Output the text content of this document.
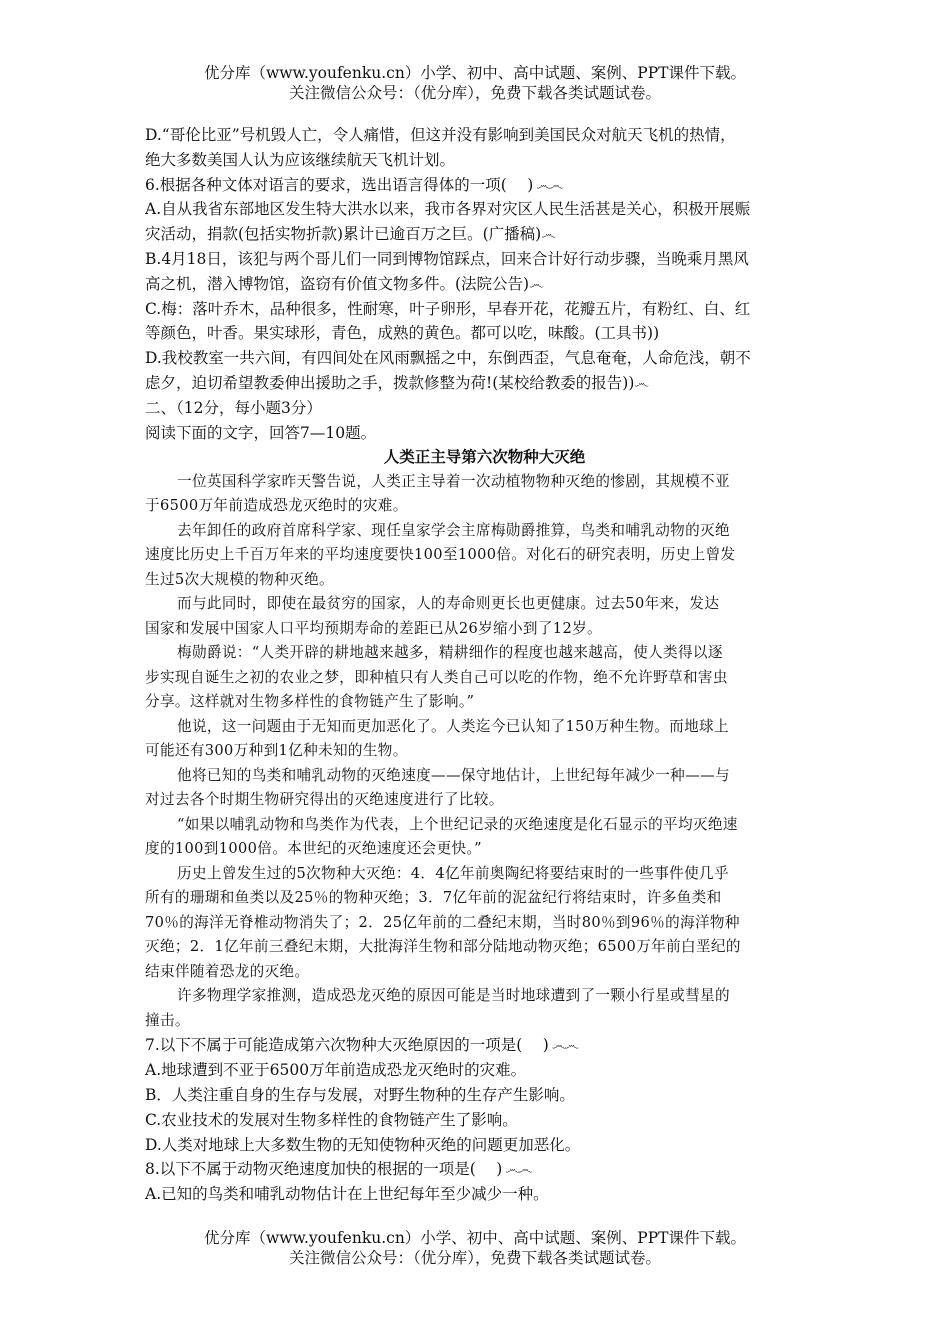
优分库（www.youfenku.cn）小学、初中、高中试题、案例、PPT课件下载。
关注微信公众号：（优分库），免费下载各类试题试卷。
D.“哥伦比亚”号机毁人亡，令人痛惜，但这并没有影响到美国民众对航天飞机的热情，
绝大多数美国人认为应该继续航天飞机计划。
6.根据各种文体对语言的要求，选出语言得体的一项(　 ) ෴෴
A.自从我省东部地区发生特大洪水以来，我市各界对灾区人民生活甚是关心，积极开展赈
灾活动，捐款(包括实物折款)累计已逾百万之巨。(广播稿)෴
B.4月18日，该犯与两个哥儿们一同到博物馆踩点，回来合计好行动步骤，当晚乘月黑风
高之机，潜入博物馆，盗窃有价值文物多件。(法院公告)෴
C.梅：落叶乔木，品种很多，性耐寒，叶子卵形，早春开花，花瓣五片，有粉红、白、红
等颜色，叶香。果实球形，青色，成熟的黄色。都可以吃，味酸。(工具书))
D.我校教室一共六间，有四间处在风雨飘摇之中，东倒西歪，气息奄奄，人命危浅，朝不
虑夕，迫切希望教委伸出援助之手，拨款修整为荷!(某校给教委的报告))෴
二、（12分，每小题3分）
阅读下面的文字，回答7—10题。
人类正主导第六次物种大灭绝
一位英国科学家昨天警告说，人类正主导着一次动植物物种灭绝的惨剧，其规模不亚
于6500万年前造成恐龙灭绝时的灾难。
去年卸任的政府首席科学家、现任皇家学会主席梅勋爵推算，鸟类和哺乳动物的灭绝
速度比历史上千百万年来的平均速度要快100至1000倍。对化石的研究表明，历史上曾发
生过5次大规模的物种灭绝。
而与此同时，即使在最贫穷的国家，人的寿命则更长也更健康。过去50年来，发达
国家和发展中国家人口平均预期寿命的差距已从26岁缩小到了12岁。
梅勋爵说：“人类开辟的耕地越来越多，精耕细作的程度也越来越高，使人类得以逐
步实现自诞生之初的农业之梦，即种植只有人类自己可以吃的作物，绝不允许野草和害虫
分享。这样就对生物多样性的食物链产生了影响。”
他说，这一问题由于无知而更加恶化了。人类迄今已认知了150万种生物。而地球上
可能还有300万种到1亿种未知的生物。
他将已知的鸟类和哺乳动物的灭绝速度——保守地估计，上世纪每年减少一种——与
对过去各个时期生物研究得出的灭绝速度进行了比较。
“如果以哺乳动物和鸟类作为代表，上个世纪记录的灭绝速度是化石显示的平均灭绝速
度的100到1000倍。本世纪的灭绝速度还会更快。”
历史上曾发生过的5次物种大灭绝：4．4亿年前奥陶纪将要结束时的一些事件使几乎
所有的珊瑚和鱼类以及25％的物种灭绝；3．7亿年前的泥盆纪行将结束时，许多鱼类和
70％的海洋无脊椎动物消失了；2．25亿年前的二叠纪末期，当时80％到96％的海洋物种
灭绝；2．1亿年前三叠纪末期，大批海洋生物和部分陆地动物灭绝；6500万年前白垩纪的
结束伴随着恐龙的灭绝。
许多物理学家推测，造成恐龙灭绝的原因可能是当时地球遭到了一颗小行星或彗星的
撞击。
7.以下不属于可能造成第六次物种大灭绝原因的一项是(　 ) ෴෴
A.地球遭到不亚于6500万年前造成恐龙灭绝时的灾难。
B．人类注重自身的生存与发展，对野生物种的生存产生影响。
C.农业技术的发展对生物多样性的食物链产生了影响。
D.人类对地球上大多数生物的无知使物种灭绝的问题更加恶化。
8.以下不属于动物灭绝速度加快的根据的一项是(　 ) ෴෴
A.已知的鸟类和哺乳动物估计在上世纪每年至少减少一种。
优分库（www.youfenku.cn）小学、初中、高中试题、案例、PPT课件下载。
关注微信公众号：（优分库），免费下载各类试题试卷。
